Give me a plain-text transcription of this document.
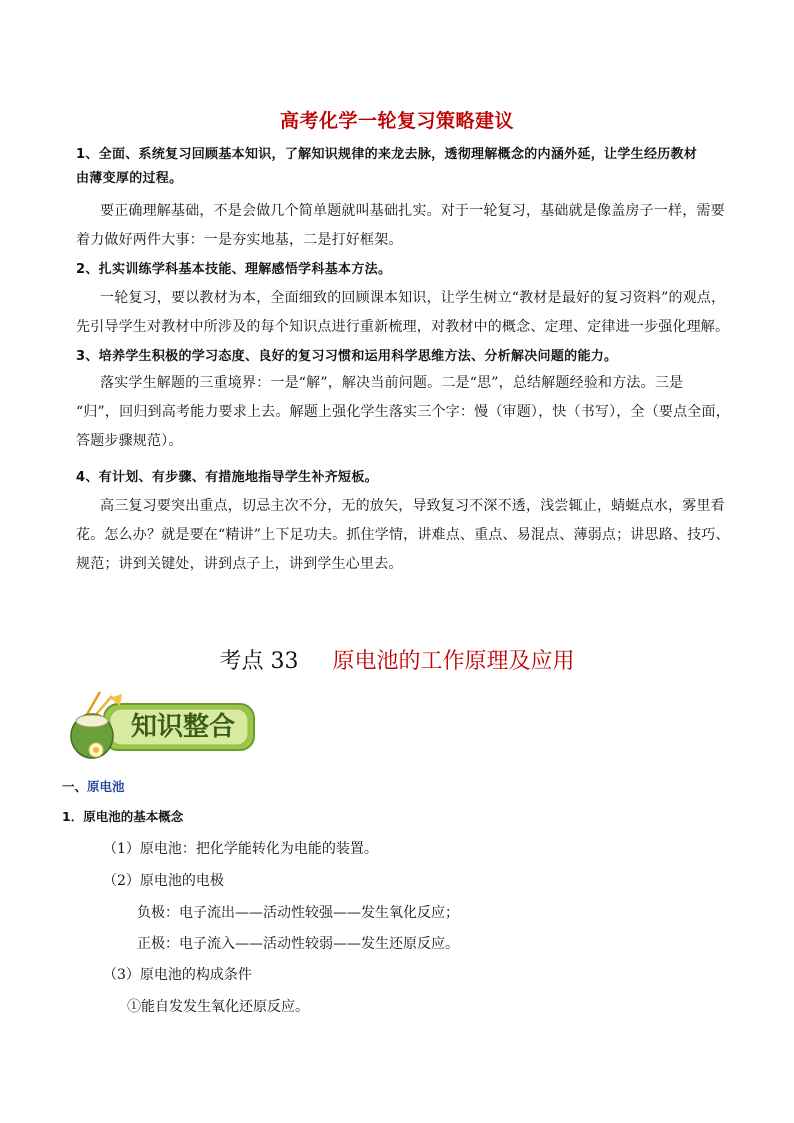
高考化学一轮复习策略建议
1、全面、系统复习回顾基本知识，了解知识规律的来龙去脉，透彻理解概念的内涵外延，让学生经历教材
由薄变厚的过程。
要正确理解基础，不是会做几个简单题就叫基础扎实。对于一轮复习，基础就是像盖房子一样，需要
着力做好两件大事：一是夯实地基，二是打好框架。
2、扎实训练学科基本技能、理解感悟学科基本方法。
一轮复习，要以教材为本，全面细致的回顾课本知识，让学生树立“教材是最好的复习资料”的观点，
先引导学生对教材中所涉及的每个知识点进行重新梳理，对教材中的概念、定理、定律进一步强化理解。
3、培养学生积极的学习态度、良好的复习习惯和运用科学思维方法、分析解决问题的能力。
落实学生解题的三重境界：一是“解”，解决当前问题。二是“思”，总结解题经验和方法。三是
“归”，回归到高考能力要求上去。解题上强化学生落实三个字：慢（审题），快（书写），全（要点全面，
答题步骤规范）。
4、有计划、有步骤、有措施地指导学生补齐短板。
高三复习要突出重点，切忌主次不分，无的放矢，导致复习不深不透，浅尝辄止，蜻蜓点水，雾里看
花。怎么办？就是要在“精讲”上下足功夫。抓住学情，讲难点、重点、易混点、薄弱点；讲思路、技巧、
规范；讲到关键处，讲到点子上，讲到学生心里去。
考点 33 原电池的工作原理及应用
知识整合
一、原电池
1．原电池的基本概念
（1）原电池：把化学能转化为电能的装置。
（2）原电池的电极
负极：电子流出——活动性较强——发生氧化反应；
正极：电子流入——活动性较弱——发生还原反应。
（3）原电池的构成条件
①能自发发生氧化还原反应。
